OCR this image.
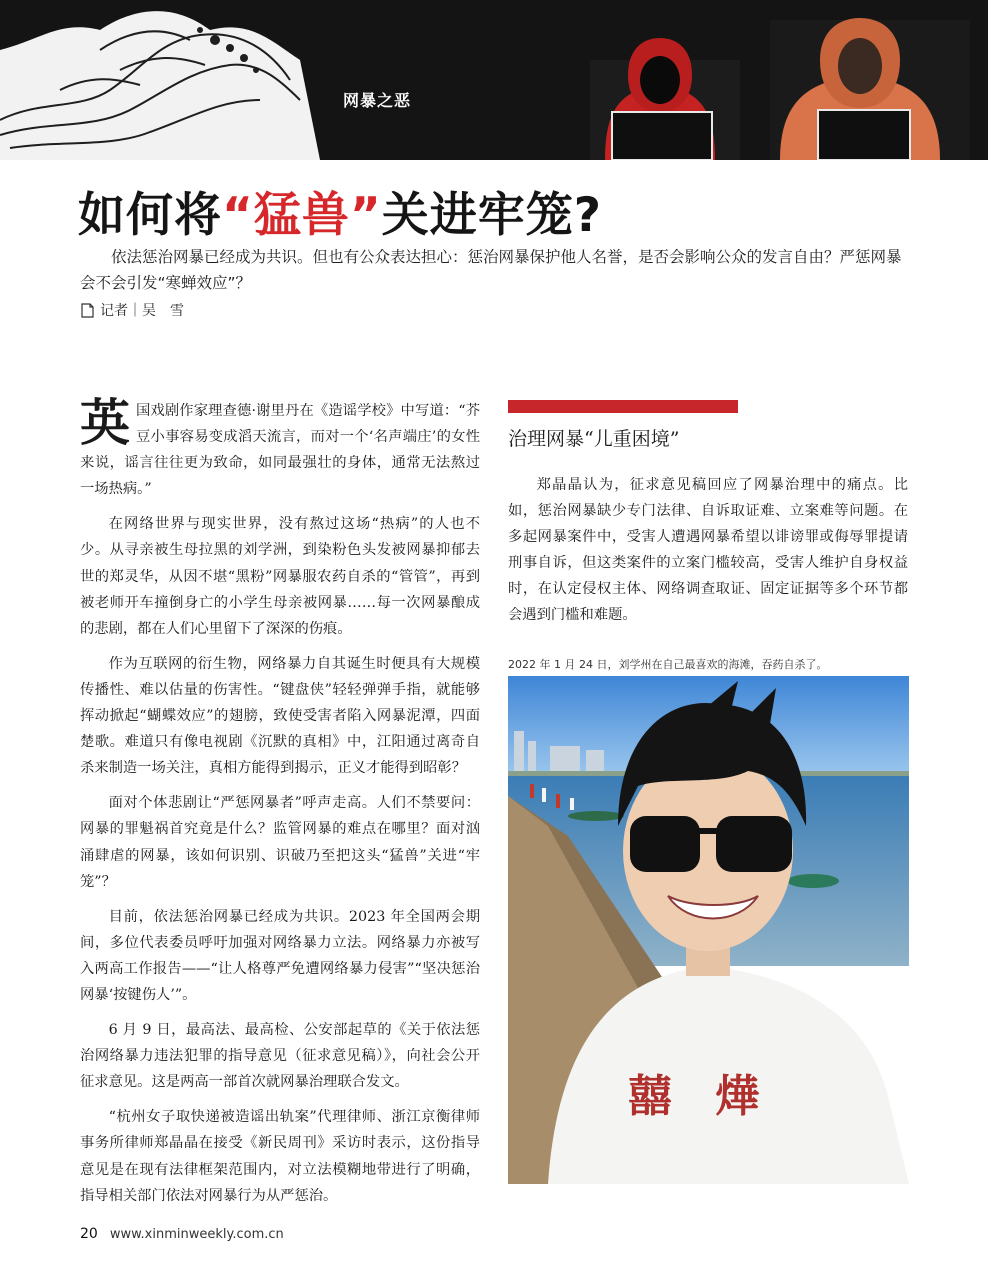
网暴之恶
如何将“猛兽”关进牢笼?
依法惩治网暴已经成为共识。但也有公众表达担心：惩治网暴保护他人名誉，是否会影响公众的发言自由？严惩网暴会不会引发“寒蝉效应”？
记者｜吴　雪

英国戏剧作家理查德·谢里丹在《造谣学校》中写道：“芥豆小事容易变成滔天流言，而对一个‘名声端庄’的女性来说，谣言往往更为致命，如同最强壮的身体，通常无法熬过一场热病。”

在网络世界与现实世界，没有熬过这场“热病”的人也不少。从寻亲被生母拉黑的刘学洲，到染粉色头发被网暴抑郁去世的郑灵华，从因不堪“黑粉”网暴服农药自杀的“管管”，再到被老师开车撞倒身亡的小学生母亲被网暴……每一次网暴酿成的悲剧，都在人们心里留下了深深的伤痕。

作为互联网的衍生物，网络暴力自其诞生时便具有大规模传播性、难以估量的伤害性。“键盘侠”轻轻弹弹手指，就能够挥动掀起“蝴蝶效应”的翅膀，致使受害者陷入网暴泥潭，四面楚歌。难道只有像电视剧《沉默的真相》中，江阳通过离奇自杀来制造一场关注，真相方能得到揭示，正义才能得到昭彰？

面对个体悲剧让“严惩网暴者”呼声走高。人们不禁要问：网暴的罪魁祸首究竟是什么？监管网暴的难点在哪里？面对汹涌肆虐的网暴，该如何识别、识破乃至把这头“猛兽”关进“牢笼”？

目前，依法惩治网暴已经成为共识。2023 年全国两会期间，多位代表委员呼吁加强对网络暴力立法。网络暴力亦被写入两高工作报告——“让人格尊严免遭网络暴力侵害”“坚决惩治网暴‘按键伤人’”。

6 月 9 日，最高法、最高检、公安部起草的《关于依法惩治网络暴力违法犯罪的指导意见（征求意见稿）》，向社会公开征求意见。这是两高一部首次就网暴治理联合发文。

“杭州女子取快递被造谣出轨案”代理律师、浙江京衡律师事务所律师郑晶晶在接受《新民周刊》采访时表示，这份指导意见是在现有法律框架范围内，对立法模糊地带进行了明确，指导相关部门依法对网暴行为从严惩治。

治理网暴“儿重困境”

郑晶晶认为，征求意见稿回应了网暴治理中的痛点。比如，惩治网暴缺少专门法律、自诉取证难、立案难等问题。在多起网暴案件中，受害人遭遇网暴希望以诽谤罪或侮辱罪提请刑事自诉，但这类案件的立案门槛较高，受害人维护自身权益时，在认定侵权主体、网络调查取证、固定证据等多个环节都会遇到门槛和难题。

2022 年 1 月 24 日，刘学州在自己最喜欢的海滩，吞药自杀了。
囍 燁
20 www.xinminweekly.com.cn
